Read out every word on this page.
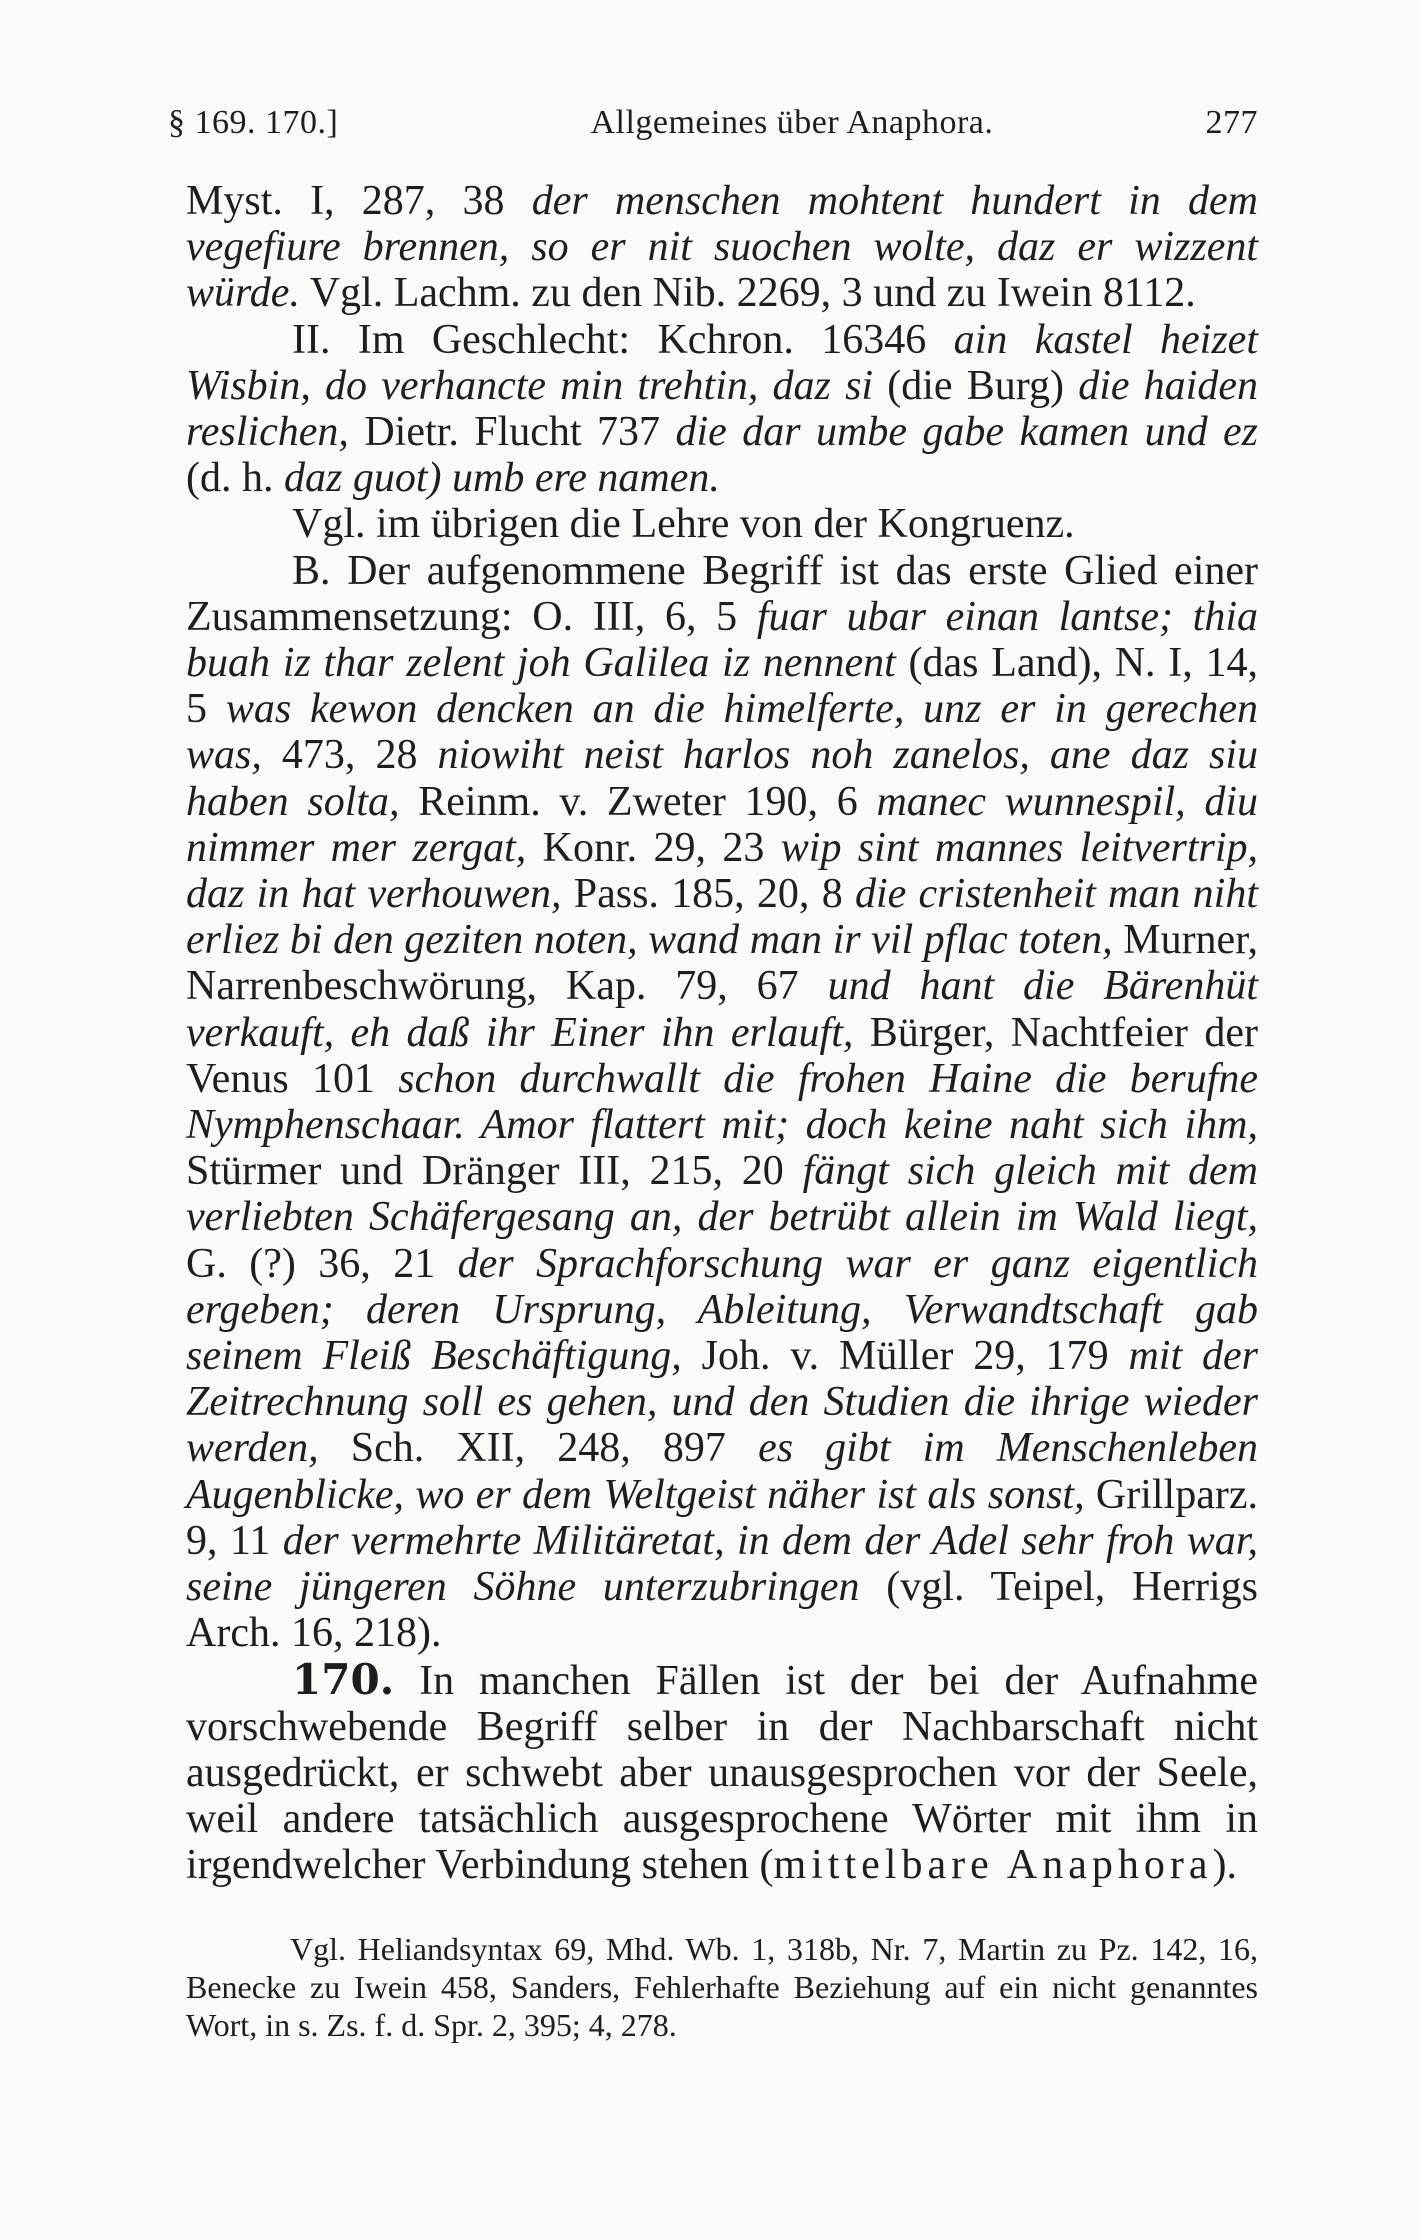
§ 169. 170.]	Allgemeines über Anaphora.	277

Myst. I, 287, 38 der menschen mohtent hundert in dem vegefiure brennen, so er nit suochen wolte, daz er wizzent würde. Vgl. Lachm. zu den Nib. 2269, 3 und zu Iwein 8112.

II. Im Geschlecht: Kchron. 16346 ain kastel heizet Wisbin, do verhancte min trehtin, daz si (die Burg) die haiden reslichen, Dietr. Flucht 737 die dar umbe gabe kamen und ez (d. h. daz guot) umb ere namen.

Vgl. im übrigen die Lehre von der Kongruenz.

B. Der aufgenommene Begriff ist das erste Glied einer Zusammensetzung: O. III, 6, 5 fuar ubar einan lantse; thia buah iz thar zelent joh Galilea iz nennent (das Land), N. I, 14, 5 was kewon dencken an die himelferte, unz er in gerechen was, 473, 28 niowiht neist harlos noh zanelos, ane daz siu haben solta, Reinm. v. Zweter 190, 6 manec wunnespil, diu nimmer mer zergat, Konr. 29, 23 wip sint mannes leitvertrip, daz in hat verhouwen, Pass. 185, 20, 8 die cristenheit man niht erliez bi den geziten noten, wand man ir vil pflac toten, Murner, Narrenbeschwörung, Kap. 79, 67 und hant die Bärenhüt verkauft, eh daß ihr Einer ihn erlauft, Bürger, Nachtfeier der Venus 101 schon durchwallt die frohen Haine die berufne Nymphenschaar. Amor flattert mit; doch keine naht sich ihm, Stürmer und Dränger III, 215, 20 fängt sich gleich mit dem verliebten Schäfergesang an, der betrübt allein im Wald liegt, G. (?) 36, 21 der Sprachforschung war er ganz eigentlich ergeben; deren Ursprung, Ableitung, Verwandtschaft gab seinem Fleiß Beschäftigung, Joh. v. Müller 29, 179 mit der Zeitrechnung soll es gehen, und den Studien die ihrige wieder werden, Sch. XII, 248, 897 es gibt im Menschenleben Augenblicke, wo er dem Weltgeist näher ist als sonst, Grillparz. 9, 11 der vermehrte Militäretat, in dem der Adel sehr froh war, seine jüngeren Söhne unterzubringen (vgl. Teipel, Herrigs Arch. 16, 218).

170. In manchen Fällen ist der bei der Aufnahme vorschwebende Begriff selber in der Nachbarschaft nicht ausgedrückt, er schwebt aber unausgesprochen vor der Seele, weil andere tatsächlich ausgesprochene Wörter mit ihm in irgendwelcher Verbindung stehen (mittelbare Anaphora).

Vgl. Heliandsyntax 69, Mhd. Wb. 1, 318b, Nr. 7, Martin zu Pz. 142, 16, Benecke zu Iwein 458, Sanders, Fehlerhafte Beziehung auf ein nicht genanntes Wort, in s. Zs. f. d. Spr. 2, 395; 4, 278.
